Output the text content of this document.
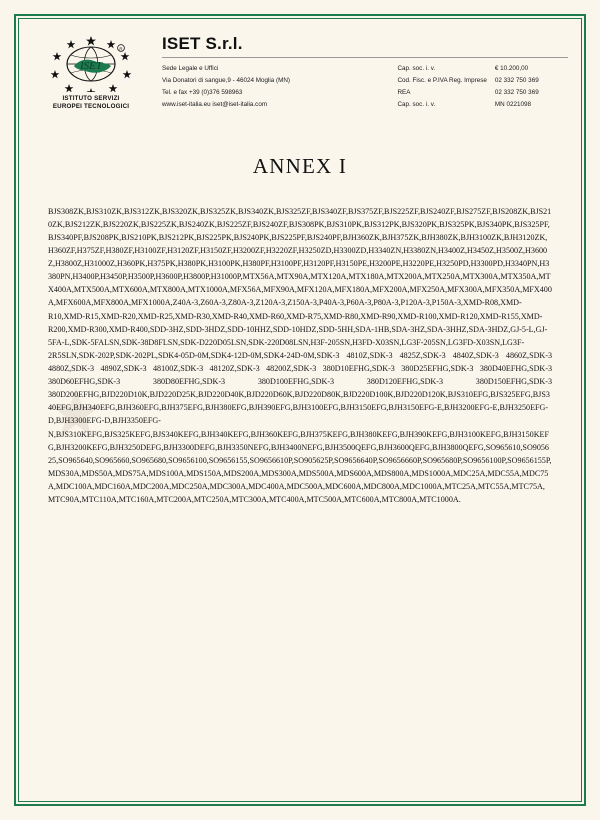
ISET
R
ISTITUTO SERVIZI
EUROPEI TECNOLOGICI
ISET S.r.l.
Sede Legale e Uffici
Via Donatori di sangue,9 - 46024 Moglia (MN)
Tel. e fax +39 (0)376 598963
www.iset-italia.eu iset@iset-italia.com
Cap. soc. i. v.
Cod. Fisc. e P.IVA Reg. Imprese
REA
Cap. soc. i. v.
€ 10.200,00
02 332 750 369
02 332 750 369
MN 0221098
ANNEX I
BJS308ZK,BJS310ZK,BJS312ZK,BJS320ZK,BJS325ZK,BJS340ZK,BJS325ZF,BJS340ZF,BJS375ZF,BJS225ZF,BJS240ZF,BJS275ZF,BJS208ZK,BJS210ZK,BJS212ZK,BJS220ZK,BJS225ZK,BJS240ZK,BJS225ZF,BJS240ZF,BJS308PK,BJS310PK,BJS312PK,BJS320PK,BJS325PK,BJS340PK,BJS325PF,BJS340PF,BJS208PK,BJS210PK,BJS212PK,BJS225PK,BJS240PK,BJS225PF,BJS240PF,BJH360ZK,BJH375ZK,BJH380ZK,BJH3100ZK,BJH3120ZK,H360ZF,H375ZF,H380ZF,H3100ZF,H3120ZF,H3150ZF,H3200ZF,H3220ZF,H3250ZD,H3300ZD,H3340ZN,H3380ZN,H3400Z,H3450Z,H3500Z,H3600Z,H3800Z,H31000Z,H360PK,H375PK,H380PK,H3100PK,H380PF,H3100PF,H3120PF,H3150PE,H3200PE,H3220PE,H3250PD,H3300PD,H3340PN,H3380PN,H3400P,H3450P,H3500P,H3600P,H3800P,H31000P,MTX56A,MTX90A,MTX120A,MTX180A,MTX200A,MTX250A,MTX300A,MTX350A,MTX400A,MTX500A,MTX600A,MTX800A,MTX1000A,MFX56A,MFX90A,MFX120A,MFX180A,MFX200A,MFX250A,MFX300A,MFX350A,MFX400A,MFX600A,MFX800A,MFX1000A,Z40A-3,Z60A-3,Z80A-3,Z120A-3,Z150A-3,P40A-3,P60A-3,P80A-3,P120A-3,P150A-3,XMD-R08,XMD-R10,XMD-R15,XMD-R20,XMD-R25,XMD-R30,XMD-R40,XMD-R60,XMD-R75,XMD-R80,XMD-R90,XMD-R100,XMD-R120,XMD-R155,XMD-R200,XMD-R300,XMD-R400,SDD-3HZ,SDD-3HDZ,SDD-10HHZ,SDD-10HDZ,SDD-5HH,SDA-1HB,SDA-3HZ,SDA-3HHZ,SDA-3HDZ,GJ-5-L,GJ-5FA-L,SDK-5FALSN,SDK-38D8FLSN,SDK-D220D05LSN,SDK-220D08LSN,H3F-205SN,H3FD-X03SN,LG3F-205SN,LG3FD-X03SN,LG3F-2R5SLN,SDK-202P,SDK-202PL,SDK4-05D-0M,SDK4-12D-0M,SDK4-24D-0M,SDK-3 4810Z,SDK-3 4825Z,SDK-3 4840Z,SDK-3 4860Z,SDK-3 4880Z,SDK-3 4890Z,SDK-3 48100Z,SDK-3 48120Z,SDK-3 48200Z,SDK-3 380D10EFHG,SDK-3 380D25EFHG,SDK-3 380D40EFHG,SDK-3 380D60EFHG,SDK-3 380D80EFHG,SDK-3 380D100EFHG,SDK-3 380D120EFHG,SDK-3 380D150EFHG,SDK-3 380D200EFHG,BJD220D10K,BJD220D25K,BJD220D40K,BJD220D60K,BJD220D80K,BJD220D100K,BJD220D120K,BJS310EFG,BJS325EFG,BJS340EFG,BJH340EFG,BJH360EFG,BJH375EFG,BJH380EFG,BJH390EFG,BJH3100EFG,BJH3150EFG,BJH3150EFG-E,BJH3200EFG-E,BJH3250EFG-D,BJH3300EFG-D,BJH3350EFG-N,BJS310KEFG,BJS325KEFG,BJS340KEFG,BJH340KEFG,BJH360KEFG,BJH375KEFG,BJH380KEFG,BJH390KEFG,BJH3100KEFG,BJH3150KEFG,BJH3200KEFG,BJH3250DEFG,BJH3300DEFG,BJH3350NEFG,BJH3400NEFG,BJH3500QEFG,BJH3600QEFG,BJH3800QEFG,SO965610,SO905625,SO965640,SO965660,SO965680,SO9656100,SO9656155,SO9656610P,SO905625P,SO9656640P,SO9656660P,SO965680P,SO9656100P,SO9656155P,MDS30A,MDS50A,MDS75A,MDS100A,MDS150A,MDS200A,MDS300A,MDS500A,MDS600A,MDS800A,MDS1000A,MDC25A,MDC55A,MDC75A,MDC100A,MDC160A,MDC200A,MDC250A,MDC300A,MDC400A,MDC500A,MDC600A,MDC800A,MDC1000A,MTC25A,MTC55A,MTC75A,MTC90A,MTC110A,MTC160A,MTC200A,MTC250A,MTC300A,MTC400A,MTC500A,MTC600A,MTC800A,MTC1000A.
